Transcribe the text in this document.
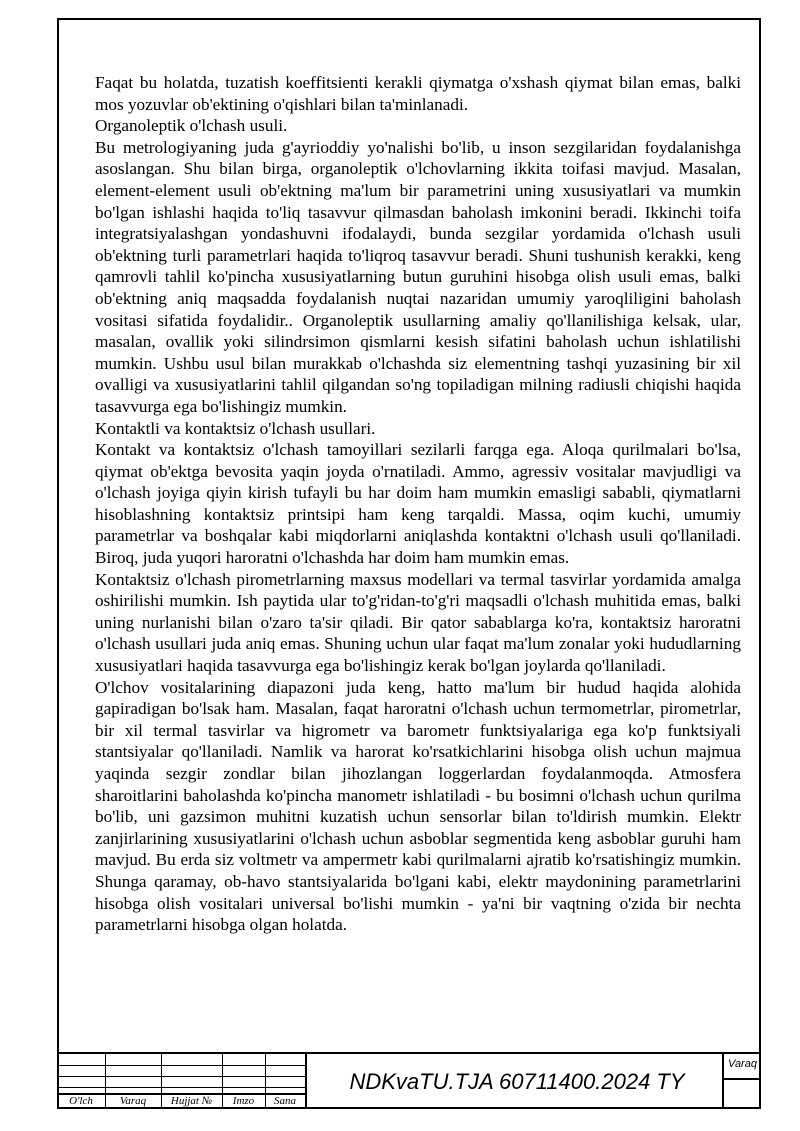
Faqat bu holatda, tuzatish koeffitsienti kerakli qiymatga o'xshash qiymat bilan emas, balki mos yozuvlar ob'ektining o'qishlari bilan ta'minlanadi.

Organoleptik o'lchash usuli.

Bu metrologiyaning juda g'ayrioddiy yo'nalishi bo'lib, u inson sezgilaridan foydalanishga asoslangan. Shu bilan birga, organoleptik o'lchovlarning ikkita toifasi mavjud. Masalan, element-element usuli ob'ektning ma'lum bir parametrini uning xususiyatlari va mumkin bo'lgan ishlashi haqida to'liq tasavvur qilmasdan baholash imkonini beradi. Ikkinchi toifa integratsiyalashgan yondashuvni ifodalaydi, bunda sezgilar yordamida o'lchash usuli ob'ektning turli parametrlari haqida to'liqroq tasavvur beradi. Shuni tushunish kerakki, keng qamrovli tahlil ko'pincha xususiyatlarning butun guruhini hisobga olish usuli emas, balki ob'ektning aniq maqsadda foydalanish nuqtai nazaridan umumiy yaroqliligini baholash vositasi sifatida foydalidir.. Organoleptik usullarning amaliy qo'llanilishiga kelsak, ular, masalan, ovallik yoki silindrsimon qismlarni kesish sifatini baholash uchun ishlatilishi mumkin. Ushbu usul bilan murakkab o'lchashda siz elementning tashqi yuzasining bir xil ovalligi va xususiyatlarini tahlil qilgandan so'ng topiladigan milning radiusli chiqishi haqida tasavvurga ega bo'lishingiz mumkin.

Kontaktli va kontaktsiz o'lchash usullari.

Kontakt va kontaktsiz o'lchash tamoyillari sezilarli farqga ega. Aloqa qurilmalari bo'lsa, qiymat ob'ektga bevosita yaqin joyda o'rnatiladi. Ammo, agressiv vositalar mavjudligi va o'lchash joyiga qiyin kirish tufayli bu har doim ham mumkin emasligi sababli, qiymatlarni hisoblashning kontaktsiz printsipi ham keng tarqaldi. Massa, oqim kuchi, umumiy parametrlar va boshqalar kabi miqdorlarni aniqlashda kontaktni o'lchash usuli qo'llaniladi. Biroq, juda yuqori haroratni o'lchashda har doim ham mumkin emas.

Kontaktsiz o'lchash pirometrlarning maxsus modellari va termal tasvirlar yordamida amalga oshirilishi mumkin. Ish paytida ular to'g'ridan-to'g'ri maqsadli o'lchash muhitida emas, balki uning nurlanishi bilan o'zaro ta'sir qiladi. Bir qator sabablarga ko'ra, kontaktsiz haroratni o'lchash usullari juda aniq emas. Shuning uchun ular faqat ma'lum zonalar yoki hududlarning xususiyatlari haqida tasavvurga ega bo'lishingiz kerak bo'lgan joylarda qo'llaniladi.

O'lchov vositalarining diapazoni juda keng, hatto ma'lum bir hudud haqida alohida gapiradigan bo'lsak ham. Masalan, faqat haroratni o'lchash uchun termometrlar, pirometrlar, bir xil termal tasvirlar va higrometr va barometr funktsiyalariga ega ko'p funktsiyali stantsiyalar qo'llaniladi. Namlik va harorat ko'rsatkichlarini hisobga olish uchun majmua yaqinda sezgir zondlar bilan jihozlangan loggerlardan foydalanmoqda. Atmosfera sharoitlarini baholashda ko'pincha manometr ishlatiladi - bu bosimni o'lchash uchun qurilma bo'lib, uni gazsimon muhitni kuzatish uchun sensorlar bilan to'ldirish mumkin. Elektr zanjirlarining xususiyatlarini o'lchash uchun asboblar segmentida keng asboblar guruhi ham mavjud. Bu erda siz voltmetr va ampermetr kabi qurilmalarni ajratib ko'rsatishingiz mumkin. Shunga qaramay, ob-havo stantsiyalarida bo'lgani kabi, elektr maydonining parametrlarini hisobga olish vositalari universal bo'lishi mumkin - ya'ni bir vaqtning o'zida bir nechta parametrlarni hisobga olgan holatda.

O'lch	Varaq	Hujjat №	Imzo	Sana
NDKvaTU.TJA 60711400.2024 TY
Varaq
